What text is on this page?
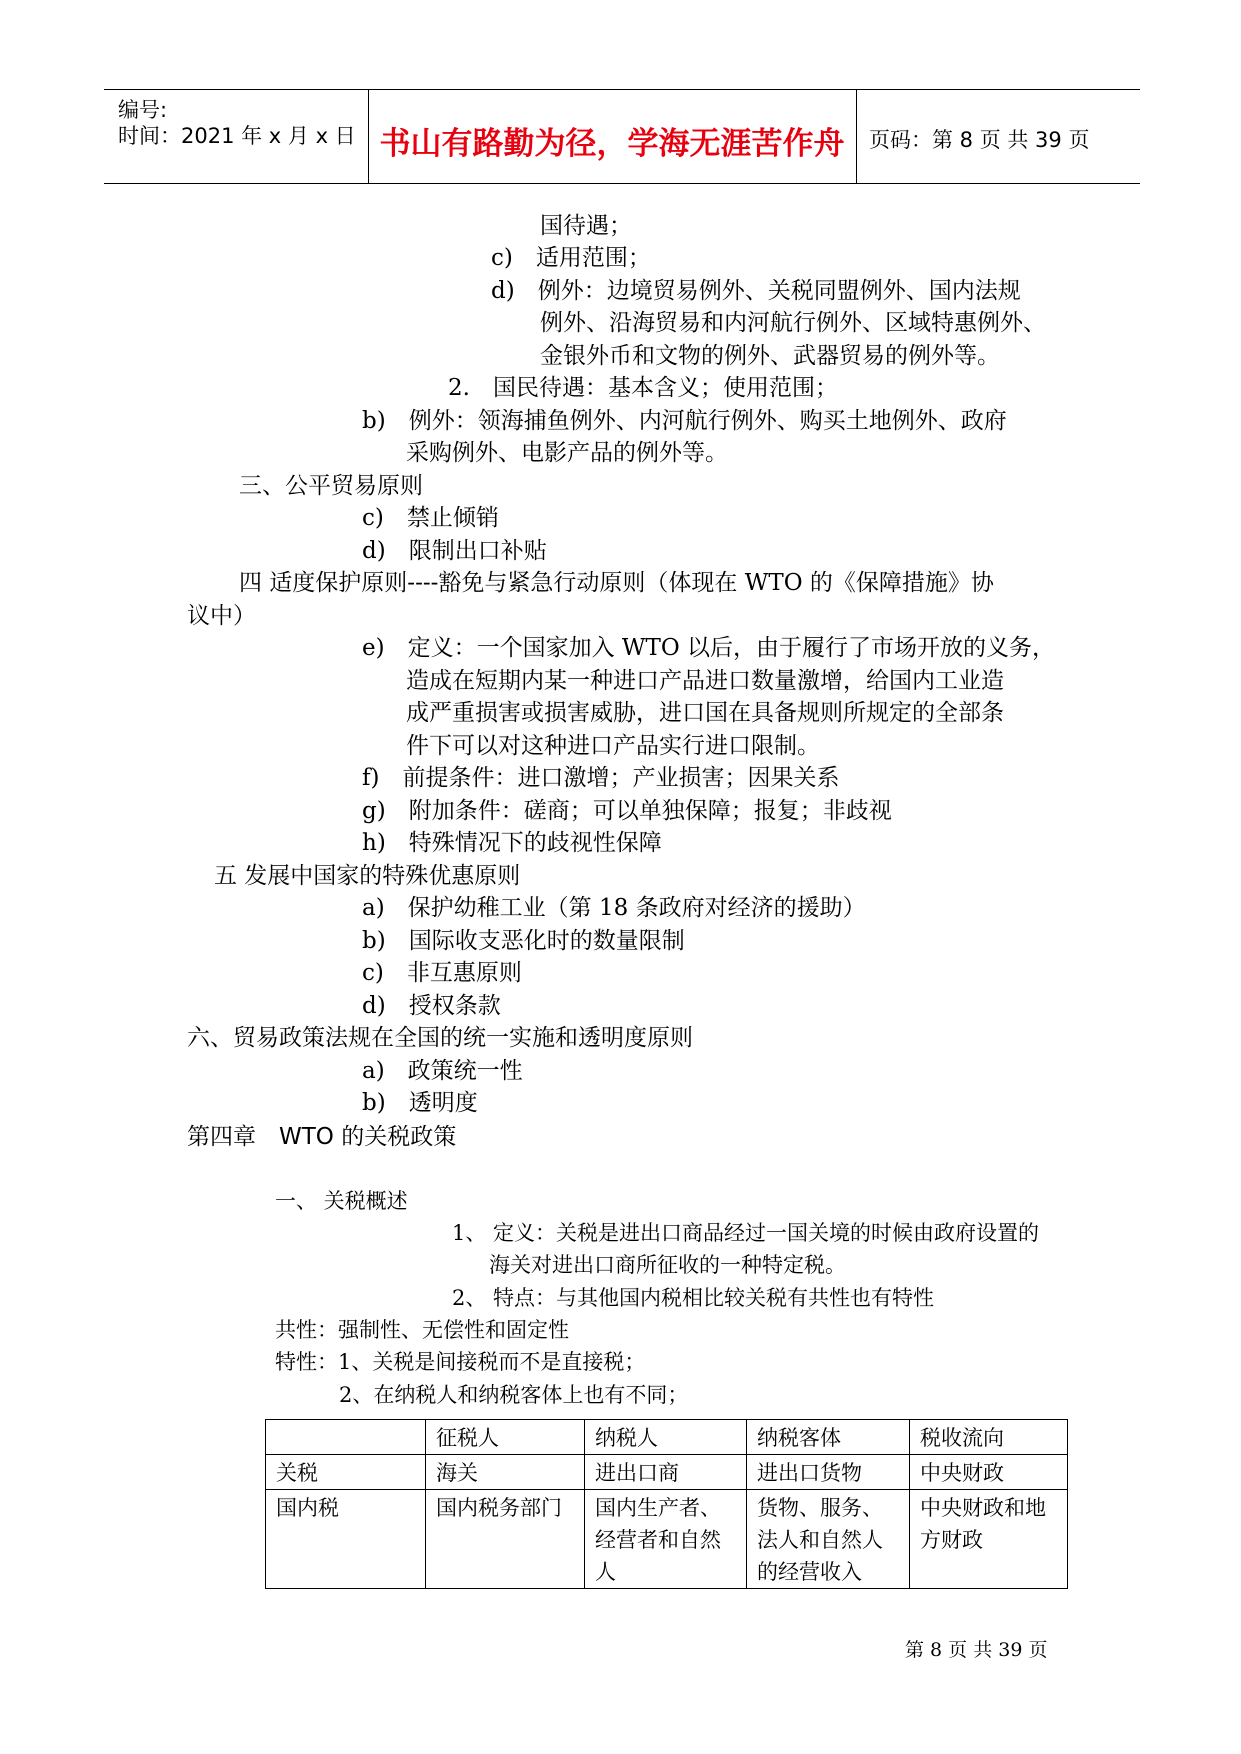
编号:
时间：2021 年 x 月 x 日 书山有路勤为径，学海无涯苦作舟	页码：第 8 页 共 39 页
国待遇；
c)　适用范围；
d)　例外：边境贸易例外、关税同盟例外、国内法规
例外、沿海贸易和内河航行例外、区域特惠例外、
金银外币和文物的例外、武器贸易的例外等。
2.　国民待遇：基本含义；使用范围；
b)　例外：领海捕鱼例外、内河航行例外、购买土地例外、政府
采购例外、电影产品的例外等。
三、公平贸易原则
c)　禁止倾销
d)　限制出口补贴
四 适度保护原则----豁免与紧急行动原则（体现在 WTO 的《保障措施》协
议中）
e)　定义：一个国家加入 WTO 以后，由于履行了市场开放的义务，
造成在短期内某一种进口产品进口数量激增，给国内工业造
成严重损害或损害威胁，进口国在具备规则所规定的全部条
件下可以对这种进口产品实行进口限制。
f)　前提条件：进口激增；产业损害；因果关系
g)　附加条件：磋商；可以单独保障；报复；非歧视
h)　特殊情况下的歧视性保障
五 发展中国家的特殊优惠原则
a)　保护幼稚工业（第 18 条政府对经济的援助）
b)　国际收支恶化时的数量限制
c)　非互惠原则
d)　授权条款
六、贸易政策法规在全国的统一实施和透明度原则
a)　政策统一性
b)　透明度
第四章　WTO 的关税政策
一、 关税概述
1、 定义：关税是进出口商品经过一国关境的时候由政府设置的
海关对进出口商所征收的一种特定税。
2、 特点：与其他国内税相比较关税有共性也有特性
共性：强制性、无偿性和固定性
特性：1、关税是间接税而不是直接税；
2、在纳税人和纳税客体上也有不同；
	征税人	纳税人	纳税客体	税收流向
关税	海关	进出口商	进出口货物	中央财政
国内税	国内税务部门	国内生产者、经营者和自然人	货物、服务、法人和自然人的经营收入	中央财政和地方财政
第 8 页 共 39 页
